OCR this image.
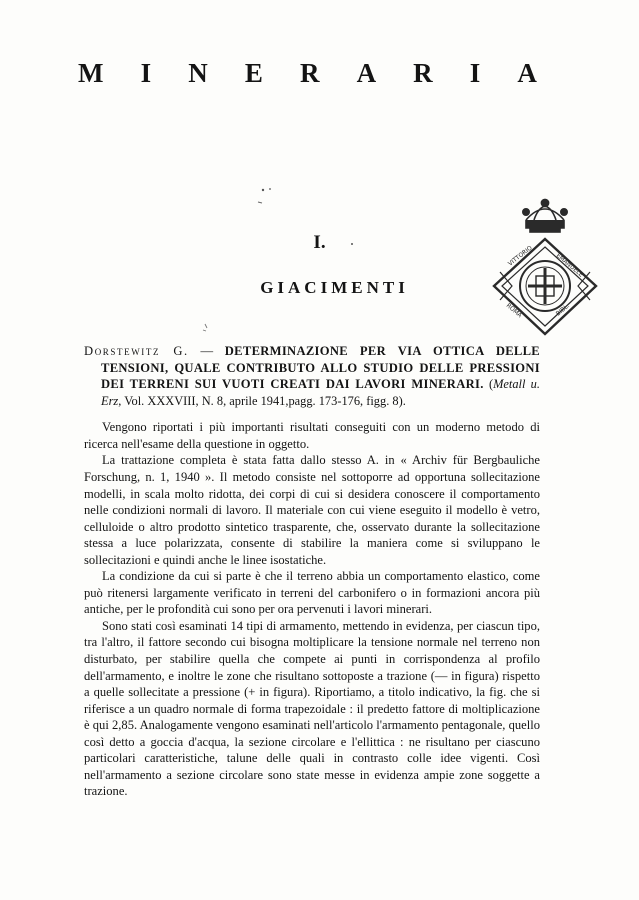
M I N E R A R I A
VITTORIO	EMANUELE
ROMA	BIBL.
I.
GIACIMENTI
Dorstewitz G. — DETERMINAZIONE PER VIA OTTICA DELLE TENSIONI, QUALE CONTRIBUTO ALLO STUDIO DELLE PRESSIONI DEI TERRENI SUI VUOTI CREATI DAI LAVORI MINERARI. (Metall u. Erz, Vol. XXXVIII, N. 8, aprile 1941,pagg. 173-176, figg. 8).

Vengono riportati i più importanti risultati conseguiti con un moderno metodo di ricerca nell'esame della questione in oggetto.

La trattazione completa è stata fatta dallo stesso A. in « Archiv für Bergbauliche Forschung, n. 1, 1940 ». Il metodo consiste nel sottoporre ad opportuna sollecitazione modelli, in scala molto ridotta, dei corpi di cui si desidera conoscere il comportamento nelle condizioni normali di lavoro. Il materiale con cui viene eseguito il modello è vetro, celluloide o altro prodotto sintetico trasparente, che, osservato durante la sollecitazione stessa a luce polarizzata, consente di stabilire la maniera come si sviluppano le sollecitazioni e quindi anche le linee isostatiche.

La condizione da cui si parte è che il terreno abbia un comportamento elastico, come può ritenersi largamente verificato in terreni del carbonifero o in formazioni ancora più antiche, per le profondità cui sono per ora pervenuti i lavori minerari.

Sono stati così esaminati 14 tipi di armamento, mettendo in evidenza, per ciascun tipo, tra l'altro, il fattore secondo cui bisogna moltiplicare la tensione normale nel terreno non disturbato, per stabilire quella che compete ai punti in corrispondenza al profilo dell'armamento, e inoltre le zone che risultano sottoposte a trazione (— in figura) rispetto a quelle sollecitate a pressione (+ in figura). Riportiamo, a titolo indicativo, la fig. che si riferisce a un quadro normale di forma trapezoidale : il predetto fattore di moltiplicazione è qui 2,85. Analogamente vengono esaminati nell'articolo l'armamento pentagonale, quello così detto a goccia d'acqua, la sezione circolare e l'ellittica : ne risultano per ciascuno particolari caratteristiche, talune delle quali in contrasto colle idee vigenti. Così nell'armamento a sezione circolare sono state messe in evidenza ampie zone soggette a trazione.
